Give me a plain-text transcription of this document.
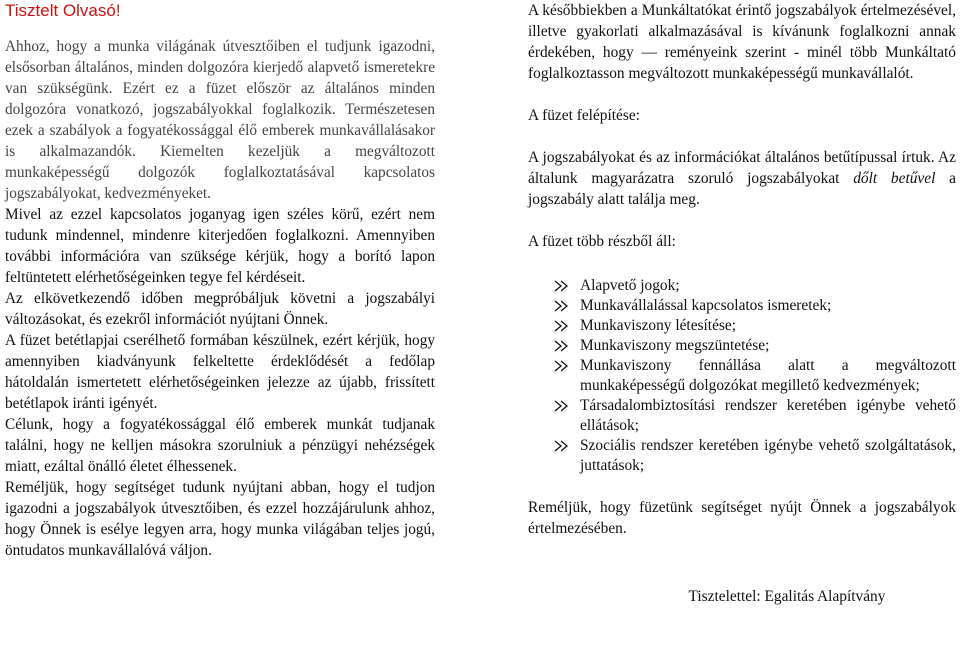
Tisztelt Olvasó!

Ahhoz, hogy a munka világának útvesztőiben el tudjunk igazodni, elsősorban általános, minden dolgozóra kierjedő alapvető ismeretekre van szükségünk. Ezért ez a füzet először az általános minden dolgozóra vonatkozó, jogszabályokkal foglalkozik. Természetesen ezek a szabályok a fogyatékossággal élő emberek munkavállalásakor is alkalmazandók. Kiemelten kezeljük a megváltozott munkaképességű dolgozók foglalkoztatásával kapcsolatos jogszabályokat, kedvezményeket.

Mivel az ezzel kapcsolatos joganyag igen széles körű, ezért nem tudunk mindennel, mindenre kiterjedően foglalkozni. Amennyiben további információra van szüksége kérjük, hogy a borító lapon feltüntetett elérhetőségeinken tegye fel kérdéseit.

Az elkövetkezendő időben megpróbáljuk követni a jogszabályi változásokat, és ezekről információt nyújtani Önnek.

A füzet betétlapjai cserélhető formában készülnek, ezért kérjük, hogy amennyiben kiadványunk felkeltette érdeklődését a fedőlap hátoldalán ismertetett elérhetőségeinken jelezze az újabb, frissített betétlapok iránti igényét.

Célunk, hogy a fogyatékossággal élő emberek munkát tudjanak találni, hogy ne kelljen másokra szorulniuk a pénzügyi nehézségek miatt, ezáltal önálló életet élhessenek.

Reméljük, hogy segítséget tudunk nyújtani abban, hogy el tudjon igazodni a jogszabályok útvesztőiben, és ezzel hozzájárulunk ahhoz, hogy Önnek is esélye legyen arra, hogy munka világában teljes jogú, öntudatos munkavállalóvá váljon.

A későbbiekben a Munkáltatókat érintő jogszabályok értelmezésével, illetve gyakorlati alkalmazásával is kívánunk foglalkozni annak érdekében, hogy — reményeink szerint - minél több Munkáltató foglalkoztasson megváltozott munkaképességű munkavállalót.

A füzet felépítése:

A jogszabályokat és az információkat általános betűtípussal írtuk. Az általunk magyarázatra szoruló jogszabályokat dőlt betűvel a jogszabály alatt találja meg.

A füzet több részből áll:

Alapvető jogok;
Munkavállalással kapcsolatos ismeretek;
Munkaviszony létesítése;
Munkaviszony megszüntetése;
Munkaviszony fennállása alatt a megváltozott munkaképességű dolgozókat megillető kedvezmények;
Társadalombiztosítási rendszer keretében igénybe vehető ellátások;
Szociális rendszer keretében igénybe vehető szolgáltatások, juttatások;

Reméljük, hogy füzetünk segítséget nyújt Önnek a jogszabályok értelmezésében.

Tisztelettel: Egalitás Alapítvány
